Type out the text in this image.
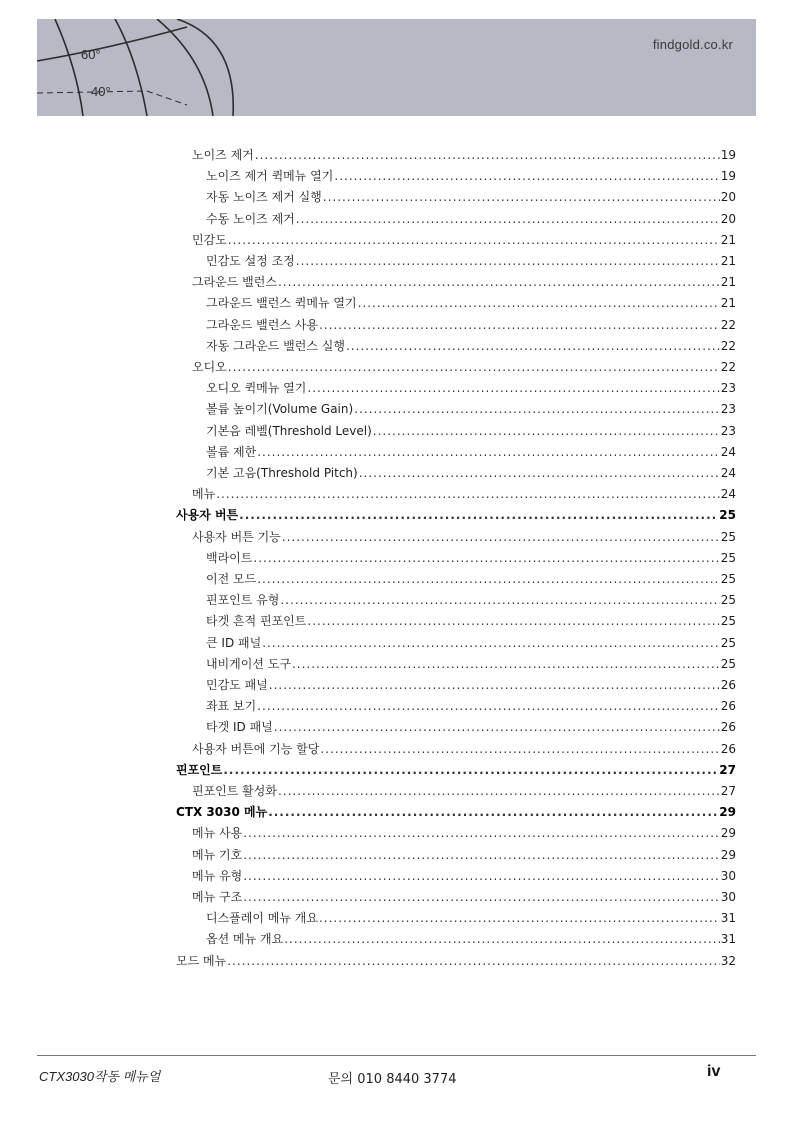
60°
40°
findgold.co.kr
노이즈 제거 .....	19
노이즈 제거 퀵메뉴 열기 .....	19
자동 노이즈 제거 실행 .....	20
수동 노이즈 제거 .....	20
민감도 .....	21
민감도 설정 조정 .....	21
그라운드 밸런스 .....	21
그라운드 밸런스 퀵메뉴 열기 .....	21
그라운드 밸런스 사용 .....	22
자동 그라운드 밸런스 실행 .....	22
오디오 .....	22
오디오 퀵메뉴 열기 .....	23
볼륨 높이기(Volume Gain) .....	23
기본음 레벨(Threshold Level) .....	23
볼륨 제한 .....	24
기본 고음(Threshold Pitch) .....	24
메뉴 .....	24
사용자 버튼 .....	25
사용자 버튼 기능 .....	25
백라이트 .....	25
이전 모드 .....	25
핀포인트 유형 .....	25
타겟 흔적 핀포인트 .....	25
큰 ID 패널 .....	25
내비게이션 도구 .....	25
민감도 패널 .....	26
좌표 보기 .....	26
타겟 ID 패널 .....	26
사용자 버튼에 기능 할당 .....	26
핀포인트 .....	27
핀포인트 활성화 .....	27
CTX 3030 메뉴 .....	29
메뉴 사용 .....	29
메뉴 기호 .....	29
메뉴 유형 .....	30
메뉴 구조 .....	30
디스플레이 메뉴 개요 .....	31
옵션 메뉴 개요 .....	31
모드 메뉴 .....	32
CTX3030작동 메뉴얼	문의 010 8440 3774	iv
